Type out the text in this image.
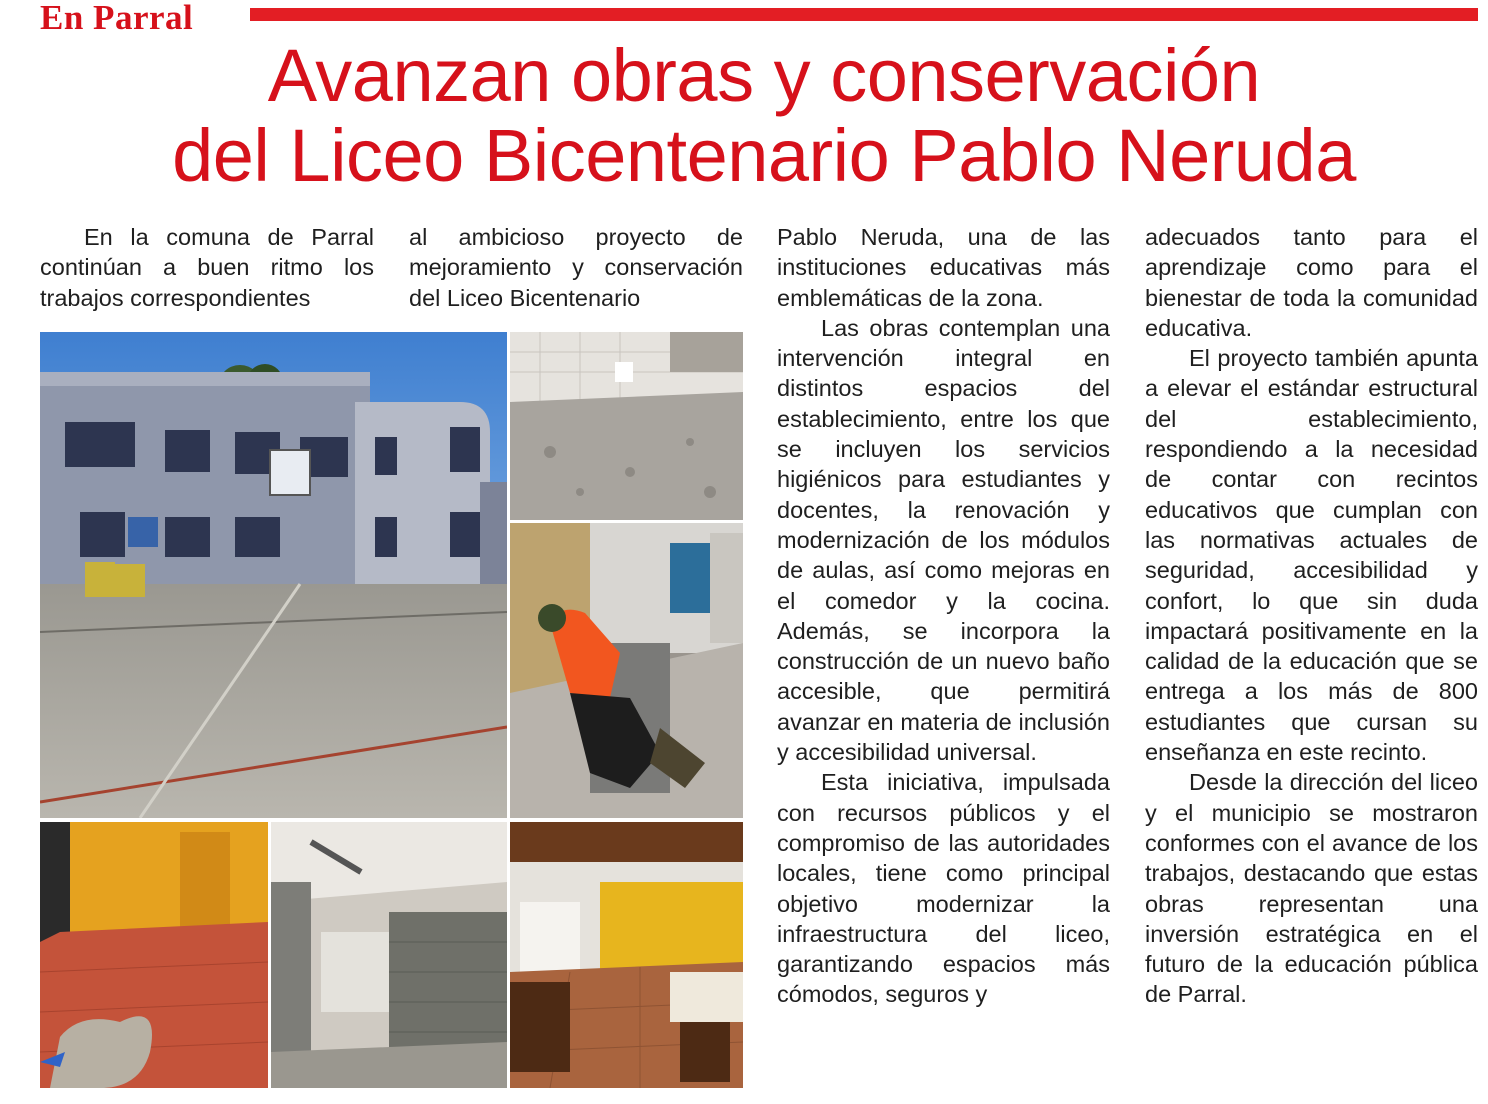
En Parral
Avanzan obras y conservación
del Liceo Bicentenario Pablo Neruda

En la comuna de Parral continúan a buen ritmo los trabajos correspondientes

al ambicioso proyecto de mejoramiento y conservación del Liceo Bicentenario

Pablo Neruda, una de las instituciones educativas más emblemáticas de la zona.

Las obras contemplan una intervención integral en distintos espacios del establecimiento, entre los que se incluyen los servicios higiénicos para estudiantes y docentes, la renovación y modernización de los módulos de aulas, así como mejoras en el comedor y la cocina. Además, se incorpora la construcción de un nuevo baño accesible, que permitirá avanzar en materia de inclusión y accesibilidad universal.

Esta iniciativa, impulsada con recursos públicos y el compromiso de las autoridades locales, tiene como principal objetivo modernizar la infraestructura del liceo, garantizando espacios más cómodos, seguros y

adecuados tanto para el aprendizaje como para el bienestar de toda la comunidad educativa.

El proyecto también apunta a elevar el estándar estructural del establecimiento, respondiendo a la necesidad de contar con recintos educativos que cumplan con las normativas actuales de seguridad, accesibilidad y confort, lo que sin duda impactará positivamente en la calidad de la educación que se entrega a los más de 800 estudiantes que cursan su enseñanza en este recinto.

Desde la dirección del liceo y el municipio se mostraron conformes con el avance de los trabajos, destacando que estas obras representan una inversión estratégica en el futuro de la educación pública de Parral.
